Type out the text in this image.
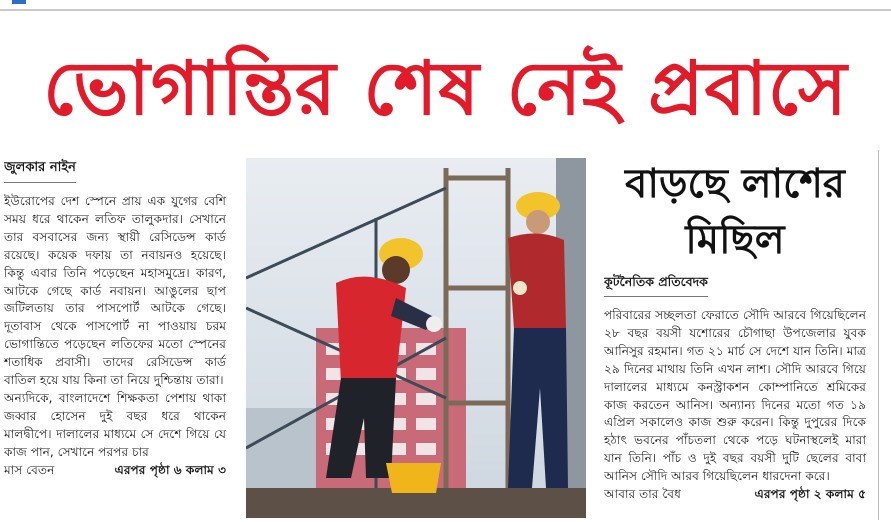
ভোগান্তির শেষ নেই প্রবাসে
জুলকার নাইন

ইউরোপের দেশ স্পেনে প্রায় এক যুগের বেশি সময় ধরে থাকেন লতিফ তালুকদার। সেখানে তার বসবাসের জন্য স্থায়ী রেসিডেন্স কার্ড রয়েছে। কয়েক দফায় তা নবায়নও হয়েছে। কিন্তু এবার তিনি পড়েছেন মহাসমুদ্রে। কারণ, আটকে গেছে কার্ড নবায়ন। আঙুলের ছাপ জটিলতায় তার পাসপোর্ট আটকে গেছে। দূতাবাস থেকে পাসপোর্ট না পাওয়ায় চরম ভোগান্তিতে পড়েছেন লতিফের মতো স্পেনের শতাধিক প্রবাসী। তাদের রেসিডেন্স কার্ড বাতিল হয়ে যায় কিনা তা নিয়ে দুশ্চিন্তায় তারা।

অন্যদিকে, বাংলাদেশে শিক্ষকতা পেশায় থাকা জব্বার হোসেন দুই বছর ধরে থাকেন মালদ্বীপে। দালালের মাধ্যমে সে দেশে গিয়ে যে কাজ পান, সেখানে পরপর চার

মাস বেতন	এরপর পৃষ্ঠা ৬ কলাম ৩
বাড়ছে লাশের
মিছিল
কূটনৈতিক প্রতিবেদক

পরিবারের সচ্ছলতা ফেরাতে সৌদি আরবে গিয়েছিলেন ২৮ বছর বয়সী যশোরের চৌগাছা উপজেলার যুবক আনিসুর রহমান। গত ২১ মার্চ সে দেশে যান তিনি। মাত্র ২৯ দিনের মাথায় তিনি এখন লাশ। সৌদি আরবে গিয়ে দালালের মাধ্যমে কনস্ট্রাকশন কোম্পানিতে শ্রমিকের কাজ করতেন আনিস। অন্যান্য দিনের মতো গত ১৯ এপ্রিল সকালেও কাজ শুরু করেন। কিন্তু দুপুরের দিকে হঠাৎ ভবনের পাঁচতলা থেকে পড়ে ঘটনাস্থলেই মারা যান তিনি। পাঁচ ও দুই বছর বয়সী দুটি ছেলের বাবা আনিস সৌদি আরব গিয়েছিলেন ধারদেনা করে।

আবার তার বৈধ	এরপর পৃষ্ঠা ২ কলাম ৫
